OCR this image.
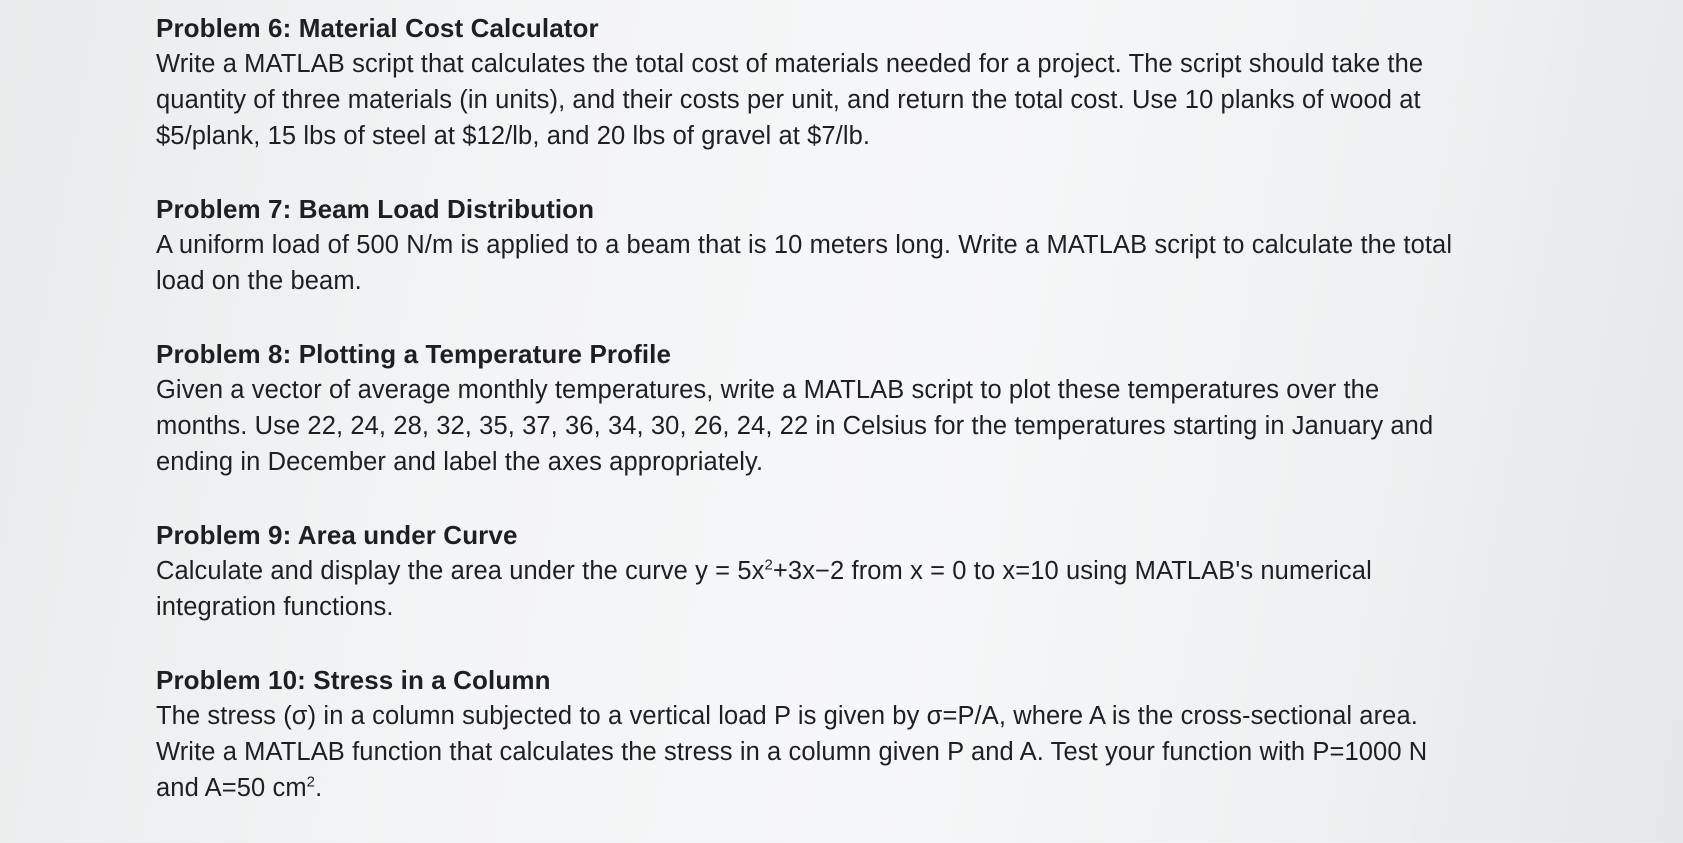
Problem 6: Material Cost Calculator

Write a MATLAB script that calculates the total cost of materials needed for a project. The script should take the quantity of three materials (in units), and their costs per unit, and return the total cost. Use 10 planks of wood at $5/plank, 15 lbs of steel at $12/lb, and 20 lbs of gravel at $7/lb.

Problem 7: Beam Load Distribution

A uniform load of 500 N/m is applied to a beam that is 10 meters long. Write a MATLAB script to calculate the total load on the beam.

Problem 8: Plotting a Temperature Profile

Given a vector of average monthly temperatures, write a MATLAB script to plot these temperatures over the months. Use 22, 24, 28, 32, 35, 37, 36, 34, 30, 26, 24, 22 in Celsius for the temperatures starting in January and ending in December and label the axes appropriately.

Problem 9: Area under Curve

Calculate and display the area under the curve $y = 5x^2+3x-2$ from x = 0 to x=10 using MATLAB's numerical integration functions.

Problem 10: Stress in a Column

The stress (σ) in a column subjected to a vertical load P is given by σ=P/A, where A is the cross-sectional area. Write a MATLAB function that calculates the stress in a column given P and A. Test your function with P=1000 N and A=50 $cm^2$.
